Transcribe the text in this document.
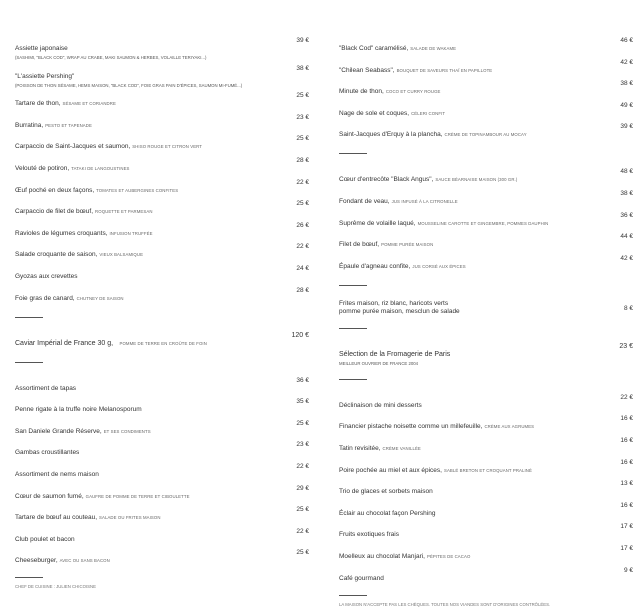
Assiette japonaise
(SASHIMI, "BLACK COD", WRAP AU CRABE, MAKI SAUMON & HERBES, VOLAILLE TERIYAKI...)
39 €
"L'assiette Pershing"
(POISSON DE THON SÉSAME, HEMS MAISON, "BLACK COD", FOIE GRAS PAIN D'ÉPICES, SAUMON MI-FUMÉ...)
38 €
Tartare de thon, SÉSAME ET CORIANDRE
25 €
Burratina, PESTO ET TAPENADE
23 €
Carpaccio de Saint-Jacques et saumon, SHISO ROUGE ET CITRON VERT
25 €
Velouté de potiron, TATAKI DE LANGOUSTINES
28 €
Œuf poché en deux façons, TOMATES ET AUBERGINES CONFITES
22 €
Carpaccio de filet de bœuf, ROQUETTE ET PARMESAN
25 €
Ravioles de légumes croquants, INFUSION TRUFFÉE
26 €
Salade croquante de saison, VIEUX BALSAMIQUE
22 €
Gyozas aux crevettes
24 €
Foie gras de canard, CHUTNEY DE SAISON
28 €
Caviar Impérial de France 30 g, POMME DE TERRE EN CROÛTE DE FOIN
120 €
Assortiment de tapas
36 €
Penne rigate à la truffe noire Melanosporum
35 €
San Daniele Grande Réserve, ET SES CONDIMENTS
25 €
Gambas croustillantes
23 €
Assortiment de nems maison
22 €
Cœur de saumon fumé, GAUFRE DE POMME DE TERRE ET CIBOULETTE
29 €
Tartare de bœuf au couteau, SALADE OU FRITES MAISON
25 €
Club poulet et bacon
22 €
Cheeseburger, AVEC OU SANS BACON
25 €
CHEF DE CUISINE : JULIEN CHICOISNE
"Black Cod" caramélisé, SALADE DE WAKAME
46 €
"Chilean Seabass", BOUQUET DE SAVEURS THAÏ EN PAPILLOTE
42 €
Minute de thon, COCO ET CURRY ROUGE
38 €
Nage de sole et coques, CÉLERI CONFIT
49 €
Saint-Jacques d'Erquy à la plancha, CRÈME DE TOPINAMBOUR AU MOCAY
39 €
Cœur d'entrecôte "Black Angus", SAUCE BÉARNAISE MAISON (300 GR.)
48 €
Fondant de veau, JUS INFUSÉ À LA CITRONELLE
38 €
Suprême de volaille laqué, MOUSSELINE CAROTTE ET GINGEMBRE, POMMES DAUPHIN
36 €
Filet de bœuf, POMME PURÉE MAISON
44 €
Épaule d'agneau confite, JUS CORSÉ AUX ÉPICES
42 €
Frites maison, riz blanc, haricots verts
pomme purée maison, mesclun de salade	8 €
Sélection de la Fromagerie de Paris
MEILLEUR OUVRIER DE FRANCE 2004
23 €
Déclinaison de mini desserts
22 €
Financier pistache noisette comme un millefeuille, CRÈME AUX AGRUMES
16 €
Tatin revisitée, CRÈME VANILLÉE
16 €
Poire pochée au miel et aux épices, SABLÉ BRETON ET CROQUANT PRALINÉ
16 €
Trio de glaces et sorbets maison
13 €
Éclair au chocolat façon Pershing
16 €
Fruits exotiques frais
17 €
Moelleux au chocolat Manjari, PÉPITES DE CACAO
17 €
Café gourmand
9 €
LA MAISON N'ACCEPTE PAS LES CHÈQUES. TOUTES NOS VIANDES SONT D'ORIGINES CONTRÔLÉES.
